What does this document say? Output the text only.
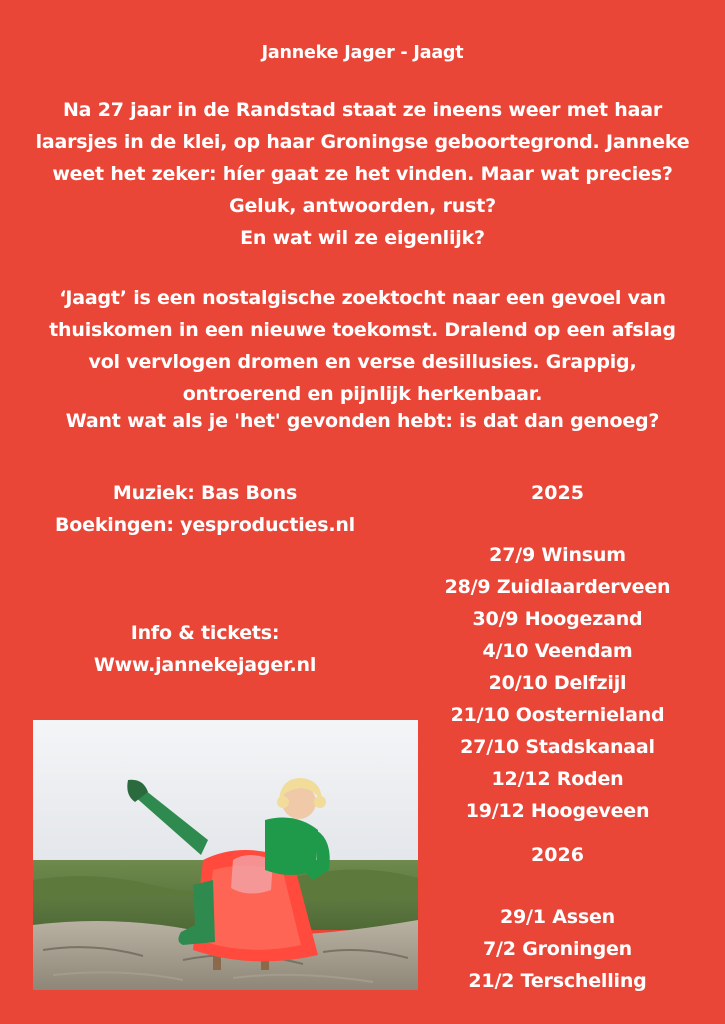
Janneke Jager - Jaagt
Na 27 jaar in de Randstad staat ze ineens weer met haar
laarsjes in de klei, op haar Groningse geboortegrond. Janneke
weet het zeker: híer gaat ze het vinden. Maar wat precies?
Geluk, antwoorden, rust?
En wat wil ze eigenlijk?
‘Jaagt’ is een nostalgische zoektocht naar een gevoel van
thuiskomen in een nieuwe toekomst. Dralend op een afslag
vol vervlogen dromen en verse desillusies. Grappig,
ontroerend en pijnlijk herkenbaar.
Want wat als je 'het' gevonden hebt: is dat dan genoeg?
Muziek: Bas Bons
Boekingen: yesproducties.nl
Info & tickets:
Www.jannekejager.nl
2025
27/9 Winsum
28/9 Zuidlaarderveen
30/9 Hoogezand
4/10 Veendam
20/10 Delfzijl
21/10 Oosternieland
27/10 Stadskanaal
12/12 Roden
19/12 Hoogeveen
2026
29/1 Assen
7/2 Groningen
21/2 Terschelling
